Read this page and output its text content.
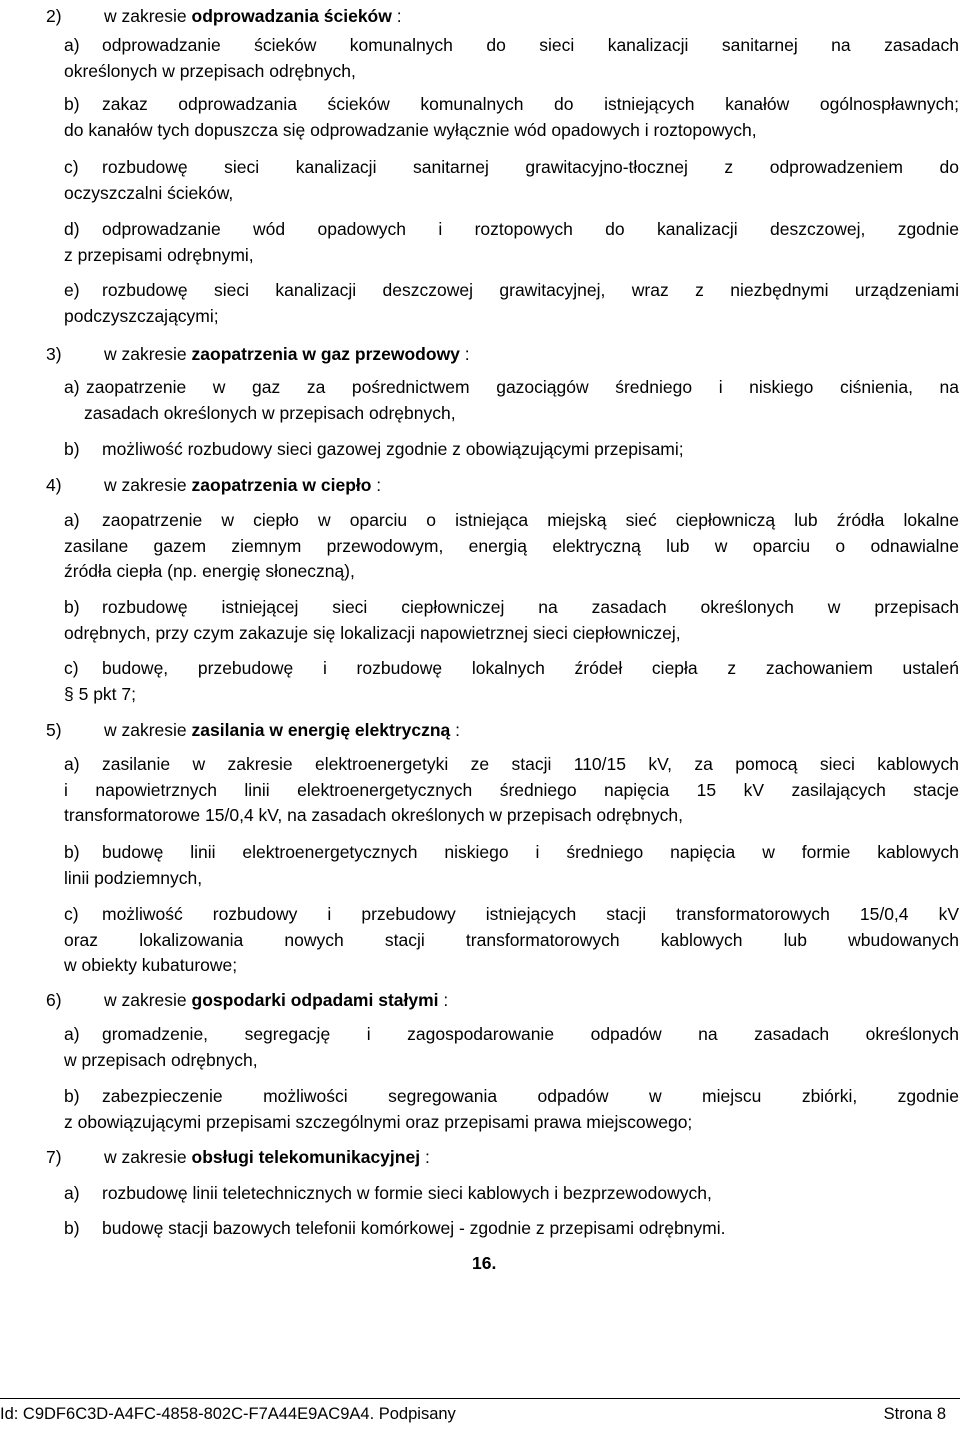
2) w zakresie odprowadzania ścieków :
a) odprowadzanie ścieków komunalnych do sieci kanalizacji sanitarnej na zasadach
określonych w przepisach odrębnych,
b) zakaz odprowadzania ścieków komunalnych do istniejących kanałów ogólnospławnych;
do kanałów tych dopuszcza się odprowadzanie wyłącznie wód opadowych i roztopowych,
c) rozbudowę sieci kanalizacji sanitarnej grawitacyjno-tłocznej z odprowadzeniem do
oczyszczalni ścieków,
d) odprowadzanie wód opadowych i roztopowych do kanalizacji deszczowej, zgodnie
z przepisami odrębnymi,
e) rozbudowę sieci kanalizacji deszczowej grawitacyjnej, wraz z niezbędnymi urządzeniami
podczyszczającymi;
3) w zakresie zaopatrzenia w gaz przewodowy :
a) zaopatrzenie w gaz za pośrednictwem gazociągów średniego i niskiego ciśnienia, na
zasadach określonych w przepisach odrębnych,
b) możliwość rozbudowy sieci gazowej zgodnie z obowiązującymi przepisami;
4) w zakresie zaopatrzenia w ciepło :
a) zaopatrzenie w ciepło w oparciu o istniejąca miejską sieć ciepłowniczą lub źródła lokalne
zasilane gazem ziemnym przewodowym, energią elektryczną lub w oparciu o odnawialne
źródła ciepła (np. energię słoneczną),
b) rozbudowę istniejącej sieci ciepłowniczej na zasadach określonych w przepisach
odrębnych, przy czym zakazuje się lokalizacji napowietrznej sieci ciepłowniczej,
c) budowę, przebudowę i rozbudowę lokalnych źródeł ciepła z zachowaniem ustaleń
§ 5 pkt 7;
5) w zakresie zasilania w energię elektryczną :
a) zasilanie w zakresie elektroenergetyki ze stacji 110/15 kV, za pomocą sieci kablowych
i napowietrznych linii elektroenergetycznych średniego napięcia 15 kV zasilających stacje
transformatorowe 15/0,4 kV, na zasadach określonych w przepisach odrębnych,
b) budowę linii elektroenergetycznych niskiego i średniego napięcia w formie kablowych
linii podziemnych,
c) możliwość rozbudowy i przebudowy istniejących stacji transformatorowych 15/0,4 kV
oraz lokalizowania nowych stacji transformatorowych kablowych lub wbudowanych
w obiekty kubaturowe;
6) w zakresie gospodarki odpadami stałymi :
a) gromadzenie, segregację i zagospodarowanie odpadów na zasadach określonych
w przepisach odrębnych,
b) zabezpieczenie możliwości segregowania odpadów w miejscu zbiórki, zgodnie
z obowiązującymi przepisami szczególnymi oraz przepisami prawa miejscowego;
7) w zakresie obsługi telekomunikacyjnej :
a) rozbudowę linii teletechnicznych w formie sieci kablowych i bezprzewodowych,
b) budowę stacji bazowych telefonii komórkowej - zgodnie z przepisami odrębnymi.
16.
Id: C9DF6C3D-A4FC-4858-802C-F7A44E9AC9A4. Podpisany	Strona 8
